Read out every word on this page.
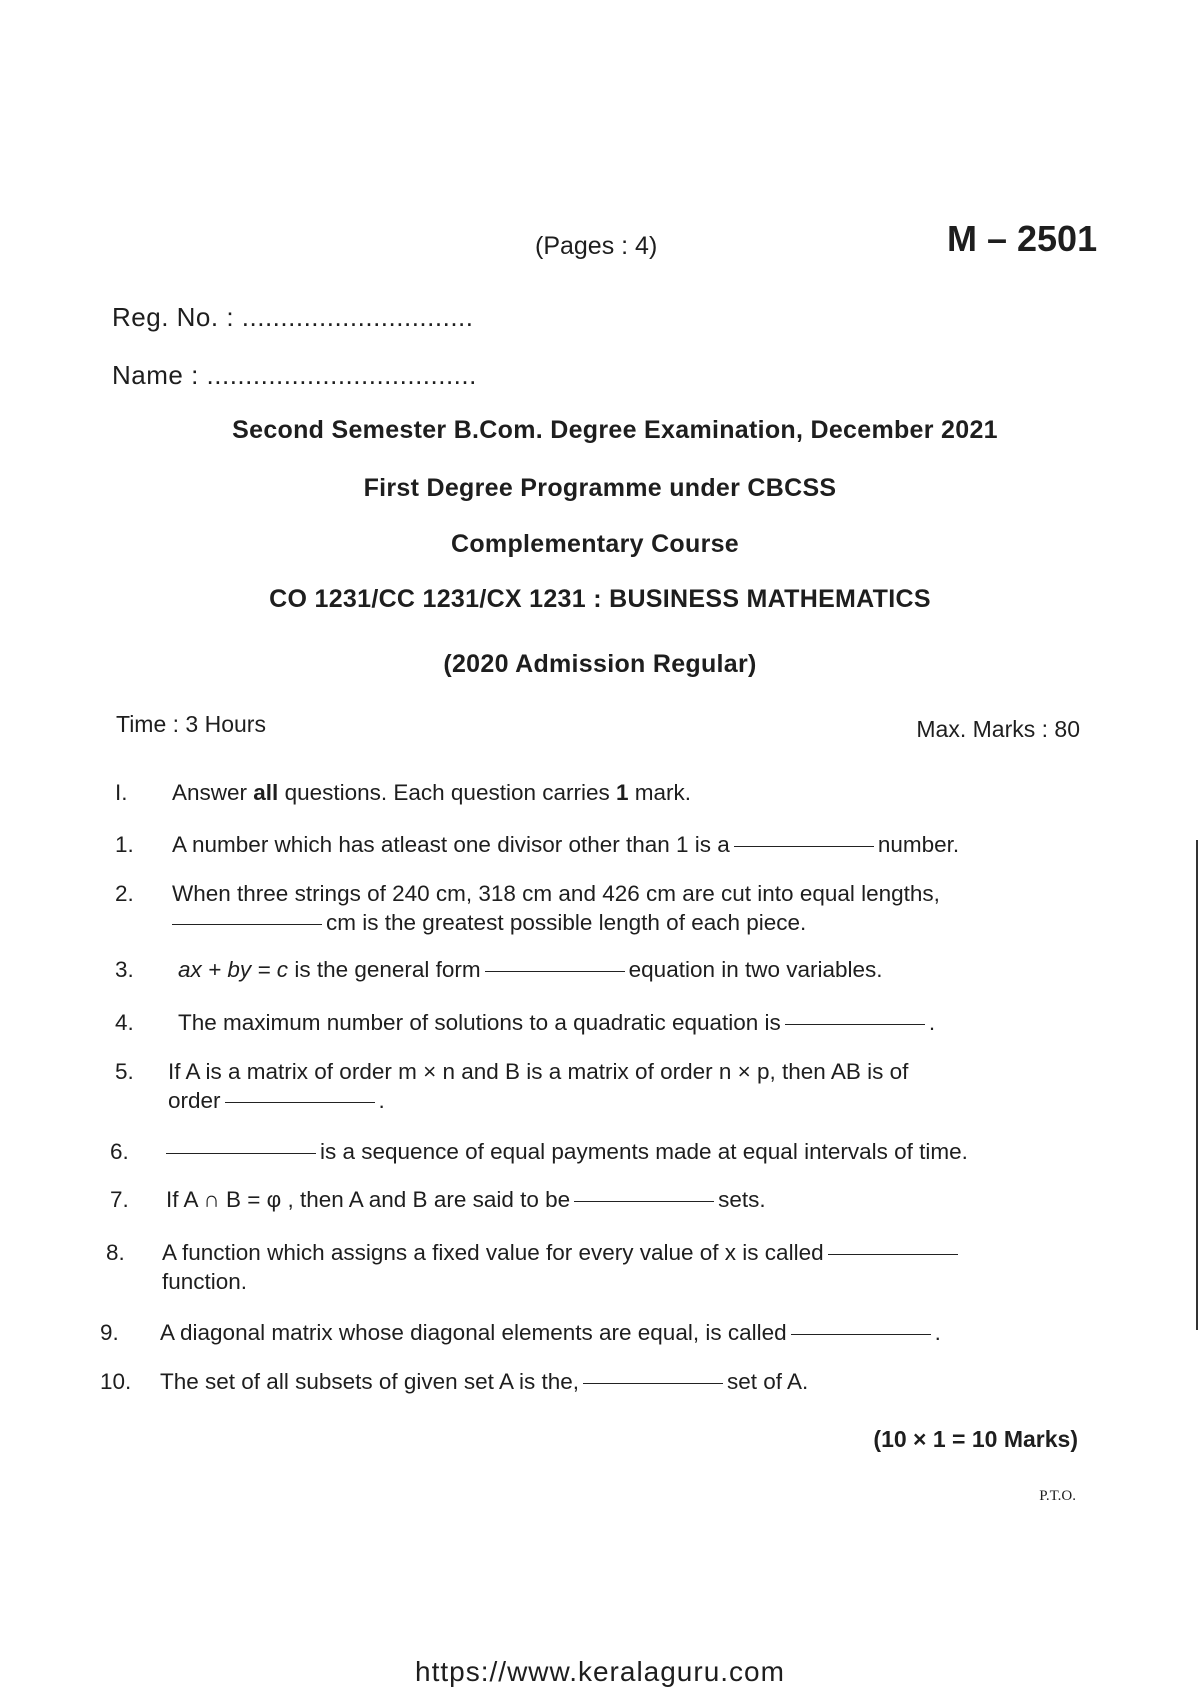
(Pages : 4)	M – 2501
Reg. No. : ..............................
Name : ...................................
Second Semester B.Com. Degree Examination, December 2021
First Degree Programme under CBCSS
Complementary Course
CO 1231/CC 1231/CX 1231 : BUSINESS MATHEMATICS
(2020 Admission Regular)
Time : 3 Hours	Max. Marks : 80
I.	Answer all questions. Each question carries 1 mark.
1.	A number which has atleast one divisor other than 1 is a	number.
2.	When three strings of 240 cm, 318 cm and 426 cm are cut into equal lengths,
cm is the greatest possible length of each piece.
3.	ax + by = c is the general form	equation in two variables.
4.	The maximum number of solutions to a quadratic equation is	.
5.	If A is a matrix of order m × n and B is a matrix of order n × p, then AB is of
order	.
6.	is a sequence of equal payments made at equal intervals of time.
7.	If A ∩ B = φ , then A and B are said to be	sets.
8.	A function which assigns a fixed value for every value of x is called
function.
9.	A diagonal matrix whose diagonal elements are equal, is called	.
10.	The set of all subsets of given set A is the,	set of A.
(10 × 1 = 10 Marks)
P.T.O.
https://www.keralaguru.com
